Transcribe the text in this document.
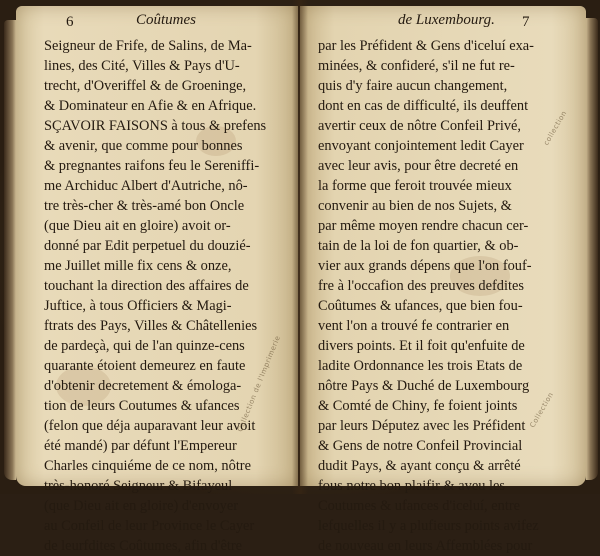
6	Coûtumes
Seigneur de Frife, de Salins, de Ma-
lines, des Cité, Villes & Pays d'U-
trecht, d'Overiffel & de Groeninge,
& Dominateur en Afie & en Afrique.
SÇAVOIR FAISONS à tous & prefens
& avenir, que comme pour bonnes
& pregnantes raifons feu le Sereniffi-
me Archiduc Albert d'Autriche, nô-
tre très-cher & très-amé bon Oncle
(que Dieu ait en gloire) avoit or-
donné par Edit perpetuel du douzié-
me Juillet mille fix cens & onze,
touchant la direction des affaires de
Juftice, à tous Officiers & Magi-
ftrats des Pays, Villes & Châtellenies
de pardeçà, qui de l'an quinze-cens
quarante étoient demeurez en faute
d'obtenir decretement & émologa-
tion de leurs Coutumes & ufances
(felon que déja auparavant leur avoit
été mandé) par défunt l'Empereur
Charles cinquiéme de ce nom, nôtre
très-honoré Seigneur & Bifayeul
(que Dieu ait en gloire) d'envoyer
au Confeil de leur Province le Cayer
de leurfdites Coûtumes, afin d'être
de Luxembourg. 7
par les Préfident & Gens d'iceluí exa-
minées, & confideré, s'il ne fut re-
quis d'y faire aucun changement,
dont en cas de difficulté, ils deuffent
avertir ceux de nôtre Confeil Privé,
envoyant conjointement ledit Cayer
avec leur avis, pour être decreté en
la forme que feroit trouvée mieux
convenir au bien de nos Sujets, &
par même moyen rendre chacun cer-
tain de la loi de fon quartier, & ob-
vier aux grands dépens que l'on fouf-
fre à l'occafion des preuves defdites
Coûtumes & ufances, que bien fou-
vent l'on a trouvé fe contrarier en
divers points. Et il foit qu'enfuite de
ladite Ordonnance les trois Etats de
nôtre Pays & Duché de Luxembourg
& Comté de Chiny, fe foient joints
par leurs Députez avec les Préfident
& Gens de notre Confeil Provincial
dudit Pays, & ayant conçu & arrêté
fous notre bon plaifir & aveu les
Coutumes & ufances d'iceluí, entre
lefquelles il y a plufieurs points avifez
de nouveau en leurs Affemblées pour
collection
Collection
Collection de l'Imprimerie
